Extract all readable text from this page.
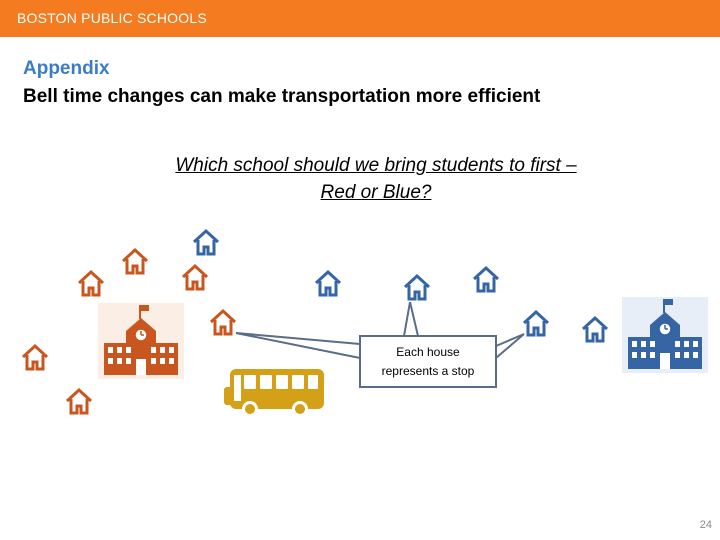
BOSTON PUBLIC SCHOOLS
Appendix
Bell time changes can make transportation more efficient
Which school should we bring students to first –
Red or Blue?
Each house
represents a stop
24
